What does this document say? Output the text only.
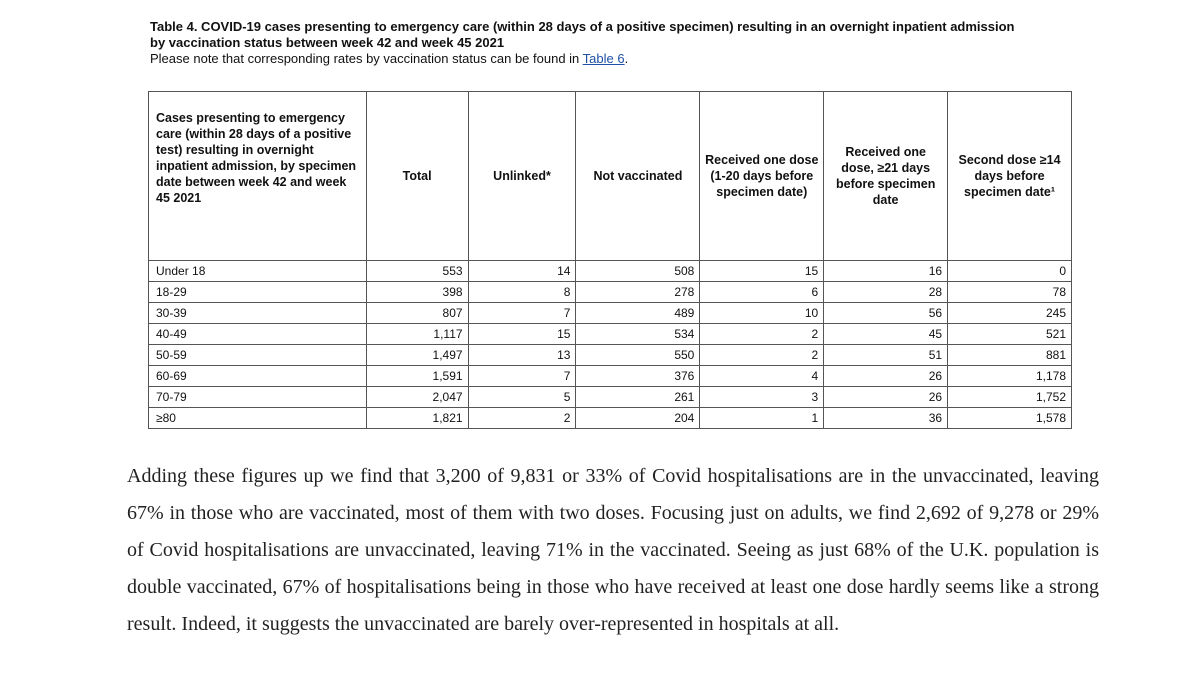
Table 4. COVID-19 cases presenting to emergency care (within 28 days of a positive specimen) resulting in an overnight inpatient admission by vaccination status between week 42 and week 45 2021
Please note that corresponding rates by vaccination status can be found in Table 6.
Cases presenting to emergency care (within 28 days of a positive test) resulting in overnight inpatient admission, by specimen date between week 42 and week 45 2021	Total	Unlinked*	Not vaccinated	Received one dose (1-20 days before specimen date)	Received one dose, ≥21 days before specimen date	Second dose ≥14 days before specimen date¹
Under 18	553	14	508	15	16	0
18-29	398	8	278	6	28	78
30-39	807	7	489	10	56	245
40-49	1,117	15	534	2	45	521
50-59	1,497	13	550	2	51	881
60-69	1,591	7	376	4	26	1,178
70-79	2,047	5	261	3	26	1,752
≥80	1,821	2	204	1	36	1,578

Adding these figures up we find that 3,200 of 9,831 or 33% of Covid hospitalisations are in the unvaccinated, leaving 67% in those who are vaccinated, most of them with two doses. Focusing just on adults, we find 2,692 of 9,278 or 29% of Covid hospitalisations are unvaccinated, leaving 71% in the vaccinated. Seeing as just 68% of the U.K. population is double vaccinated, 67% of hospitalisations being in those who have received at least one dose hardly seems like a strong result. Indeed, it suggests the unvaccinated are barely over-represented in hospitals at all.
